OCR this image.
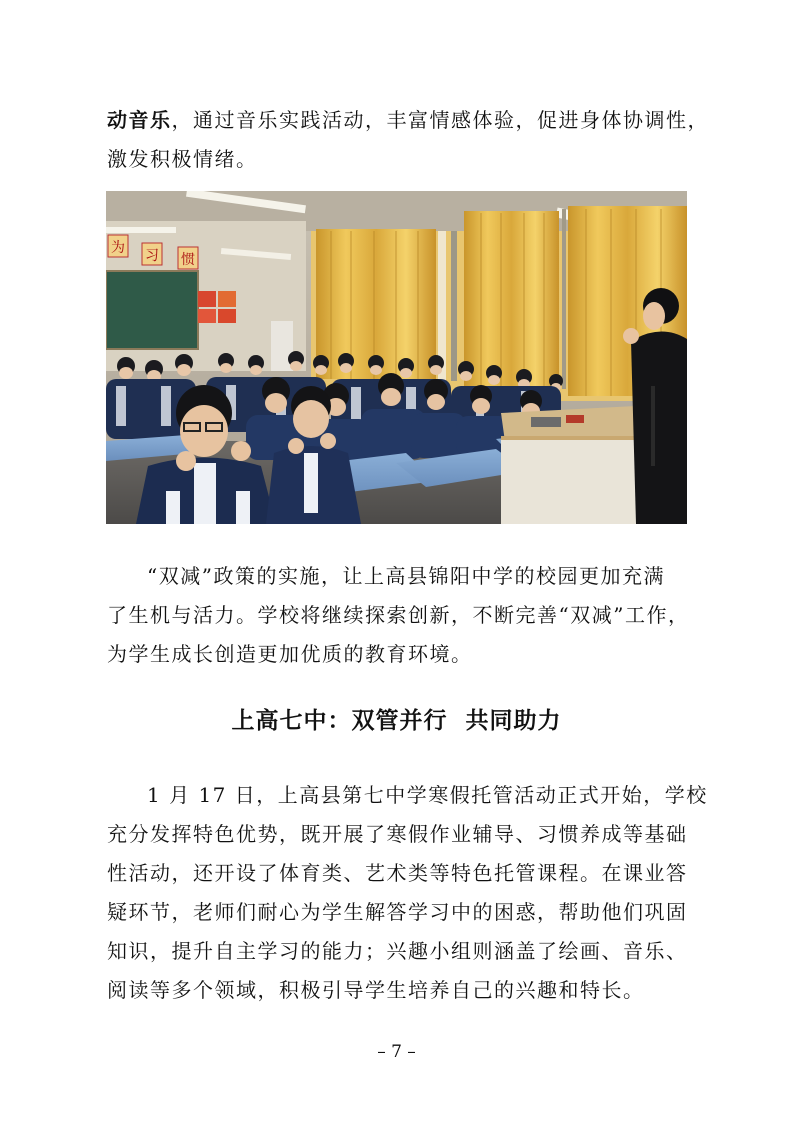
动音乐，通过音乐实践活动，丰富情感体验，促进身体协调性，
激发积极情绪。

为 习 惯

“双减”政策的实施，让上高县锦阳中学的校园更加充满
了生机与活力。学校将继续探索创新，不断完善“双减”工作，
为学生成长创造更加优质的教育环境。

上高七中：双管并行  共同助力

1 月 17 日，上高县第七中学寒假托管活动正式开始，学校
充分发挥特色优势，既开展了寒假作业辅导、习惯养成等基础
性活动，还开设了体育类、艺术类等特色托管课程。在课业答
疑环节，老师们耐心为学生解答学习中的困惑，帮助他们巩固
知识，提升自主学习的能力；兴趣小组则涵盖了绘画、音乐、
阅读等多个领域，积极引导学生培养自己的兴趣和特长。

– 7 –
